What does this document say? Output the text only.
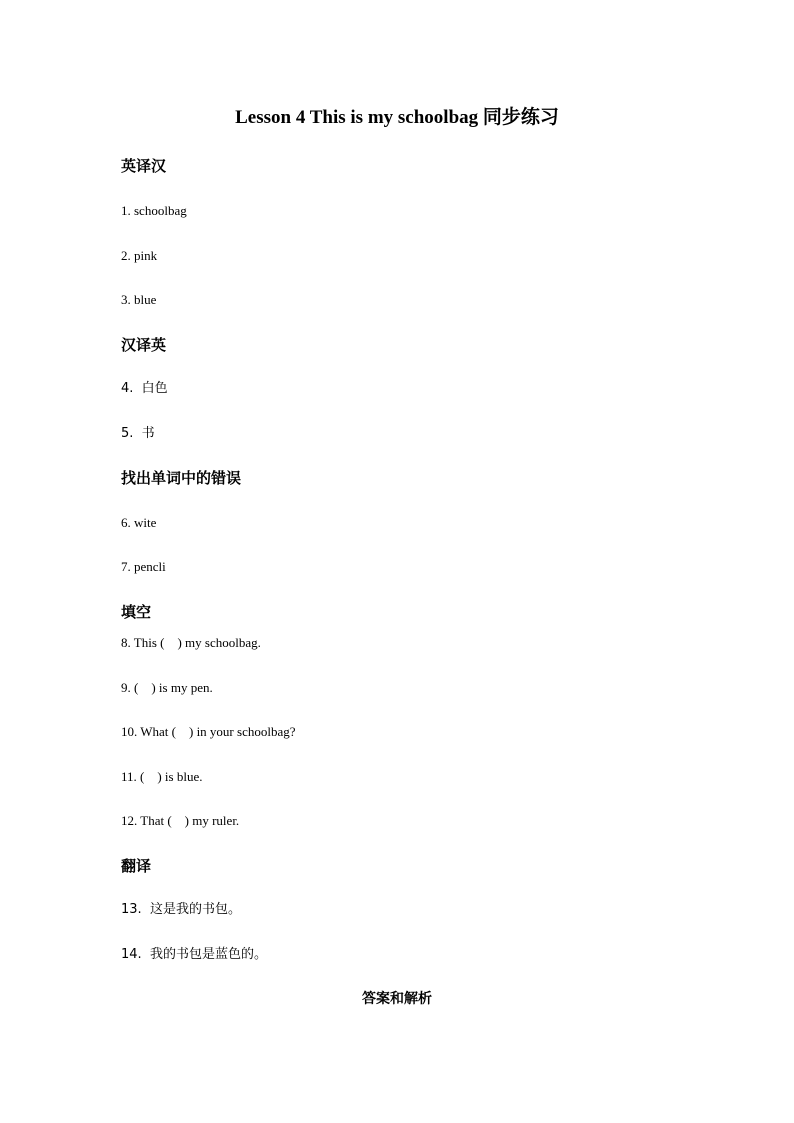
Lesson 4 This is my schoolbag 同步练习
英译汉
1. schoolbag
2. pink
3. blue
汉译英
4.  白色
5.  书
找出单词中的错误
6. wite
7. pencli
填空
8. This (    ) my schoolbag.
9. (    ) is my pen.
10. What (    ) in your schoolbag?
11. (    ) is blue.
12. That (    ) my ruler.
翻译
13.  这是我的书包。
14.  我的书包是蓝色的。
答案和解析
